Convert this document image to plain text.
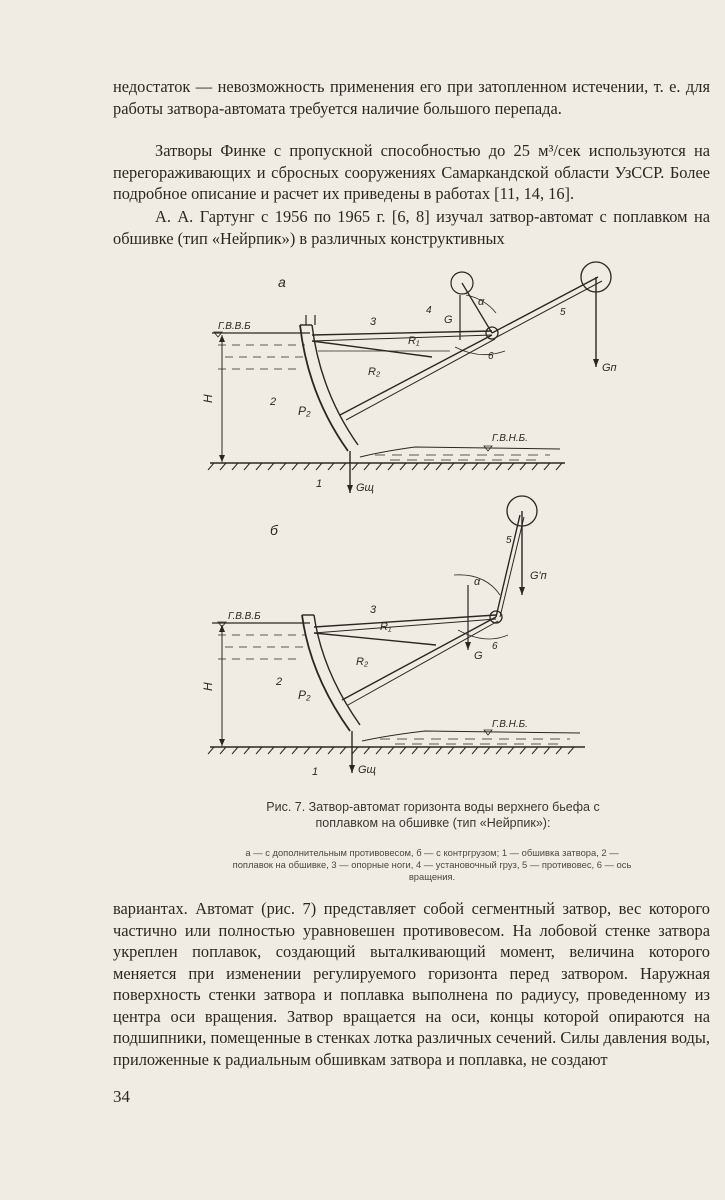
недостаток — невозможность применения его при затопленном истечении, т. е. для работы затвора-автомата требуется наличие большого перепада.

Затворы Финке с пропускной способностью до 25 м³/сек используются на перегораживающих и сбросных сооружениях Самаркандской области УзССР. Более подробное описание и расчет их приведены в работах [11, 14, 16].

А. А. Гартунг с 1956 по 1965 г. [6, 8] изучал затвор-автомат с поплавком на обшивке (тип «Нейрпик») в различных конструктивных

а
Г.В.В.Б
Н
Г.В.Н.Б.
3
R₁
R₂
2
P₂
1	Gщ
4
G
α
6
5
Gп
б
Г.В.В.Б
Н
Г.В.Н.Б.
3
R₁
R₂
2
P₂
1	Gщ
5
α
G
6
G'п

Рис. 7. Затвор-автомат горизонта воды верхнего бьефа с поплавком на обшивке (тип «Нейрпик»):

а — с дополнительным противовесом, б — с контргрузом; 1 — обшивка затвора, 2 — поплавок на обшивке, 3 — опорные ноги, 4 — установочный груз, 5 — противовес, 6 — ось вращения.

вариантах. Автомат (рис. 7) представляет собой сегментный затвор, вес которого частично или полностью уравновешен противовесом. На лобовой стенке затвора укреплен поплавок, создающий выталкивающий момент, величина которого меняется при изменении регулируемого горизонта перед затвором. Наружная поверхность стенки затвора и поплавка выполнена по радиусу, проведенному из центра оси вращения. Затвор вращается на оси, концы которой опираются на подшипники, помещенные в стенках лотка различных сечений. Силы давления воды, приложенные к радиальным обшивкам затвора и поплавка, не создают

34
